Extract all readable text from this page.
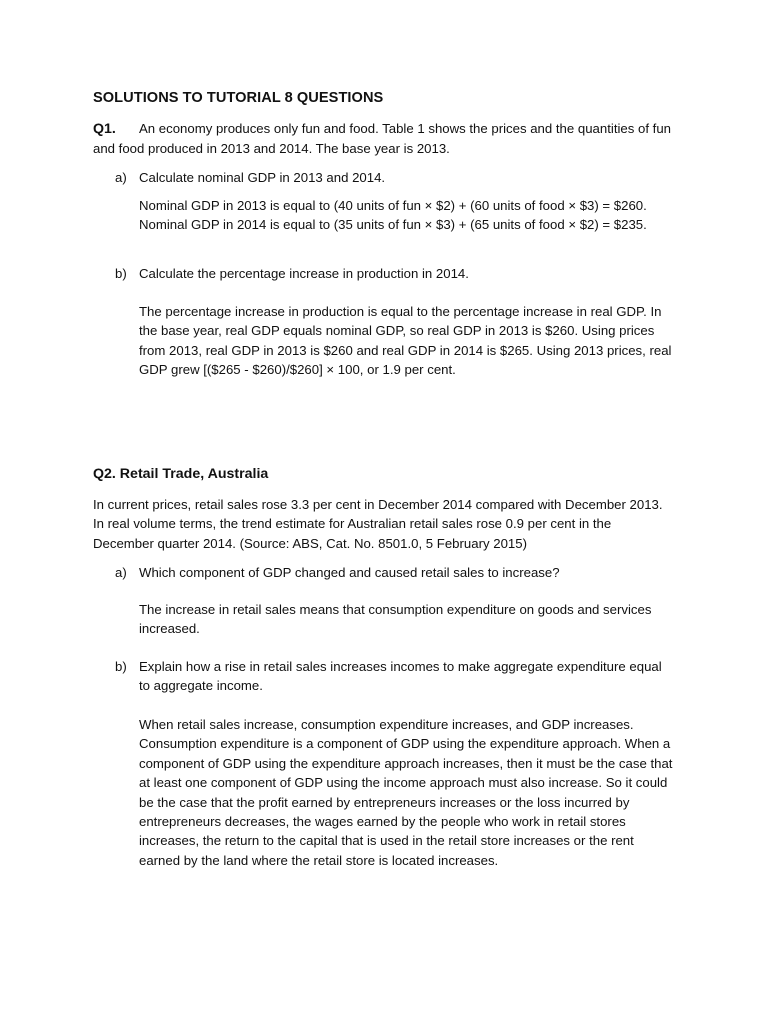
SOLUTIONS TO TUTORIAL 8 QUESTIONS
Q1. An economy produces only fun and food. Table 1 shows the prices and the quantities of fun and food produced in 2013 and 2014. The base year is 2013.
a) Calculate nominal GDP in 2013 and 2014.
Nominal GDP in 2013 is equal to (40 units of fun × $2) + (60 units of food × $3) = $260. Nominal GDP in 2014 is equal to (35 units of fun × $3) + (65 units of food × $2) = $235.
b) Calculate the percentage increase in production in 2014.
The percentage increase in production is equal to the percentage increase in real GDP. In the base year, real GDP equals nominal GDP, so real GDP in 2013 is $260. Using prices from 2013, real GDP in 2013 is $260 and real GDP in 2014 is $265. Using 2013 prices, real GDP grew [($265 - $260)/$260] × 100, or 1.9 per cent.
Q2. Retail Trade, Australia
In current prices, retail sales rose 3.3 per cent in December 2014 compared with December 2013. In real volume terms, the trend estimate for Australian retail sales rose 0.9 per cent in the December quarter 2014. (Source: ABS, Cat. No. 8501.0, 5 February 2015)
a) Which component of GDP changed and caused retail sales to increase?
The increase in retail sales means that consumption expenditure on goods and services increased.
b) Explain how a rise in retail sales increases incomes to make aggregate expenditure equal to aggregate income.
When retail sales increase, consumption expenditure increases, and GDP increases. Consumption expenditure is a component of GDP using the expenditure approach. When a component of GDP using the expenditure approach increases, then it must be the case that at least one component of GDP using the income approach must also increase. So it could be the case that the profit earned by entrepreneurs increases or the loss incurred by entrepreneurs decreases, the wages earned by the people who work in retail stores increases, the return to the capital that is used in the retail store increases or the rent earned by the land where the retail store is located increases.
